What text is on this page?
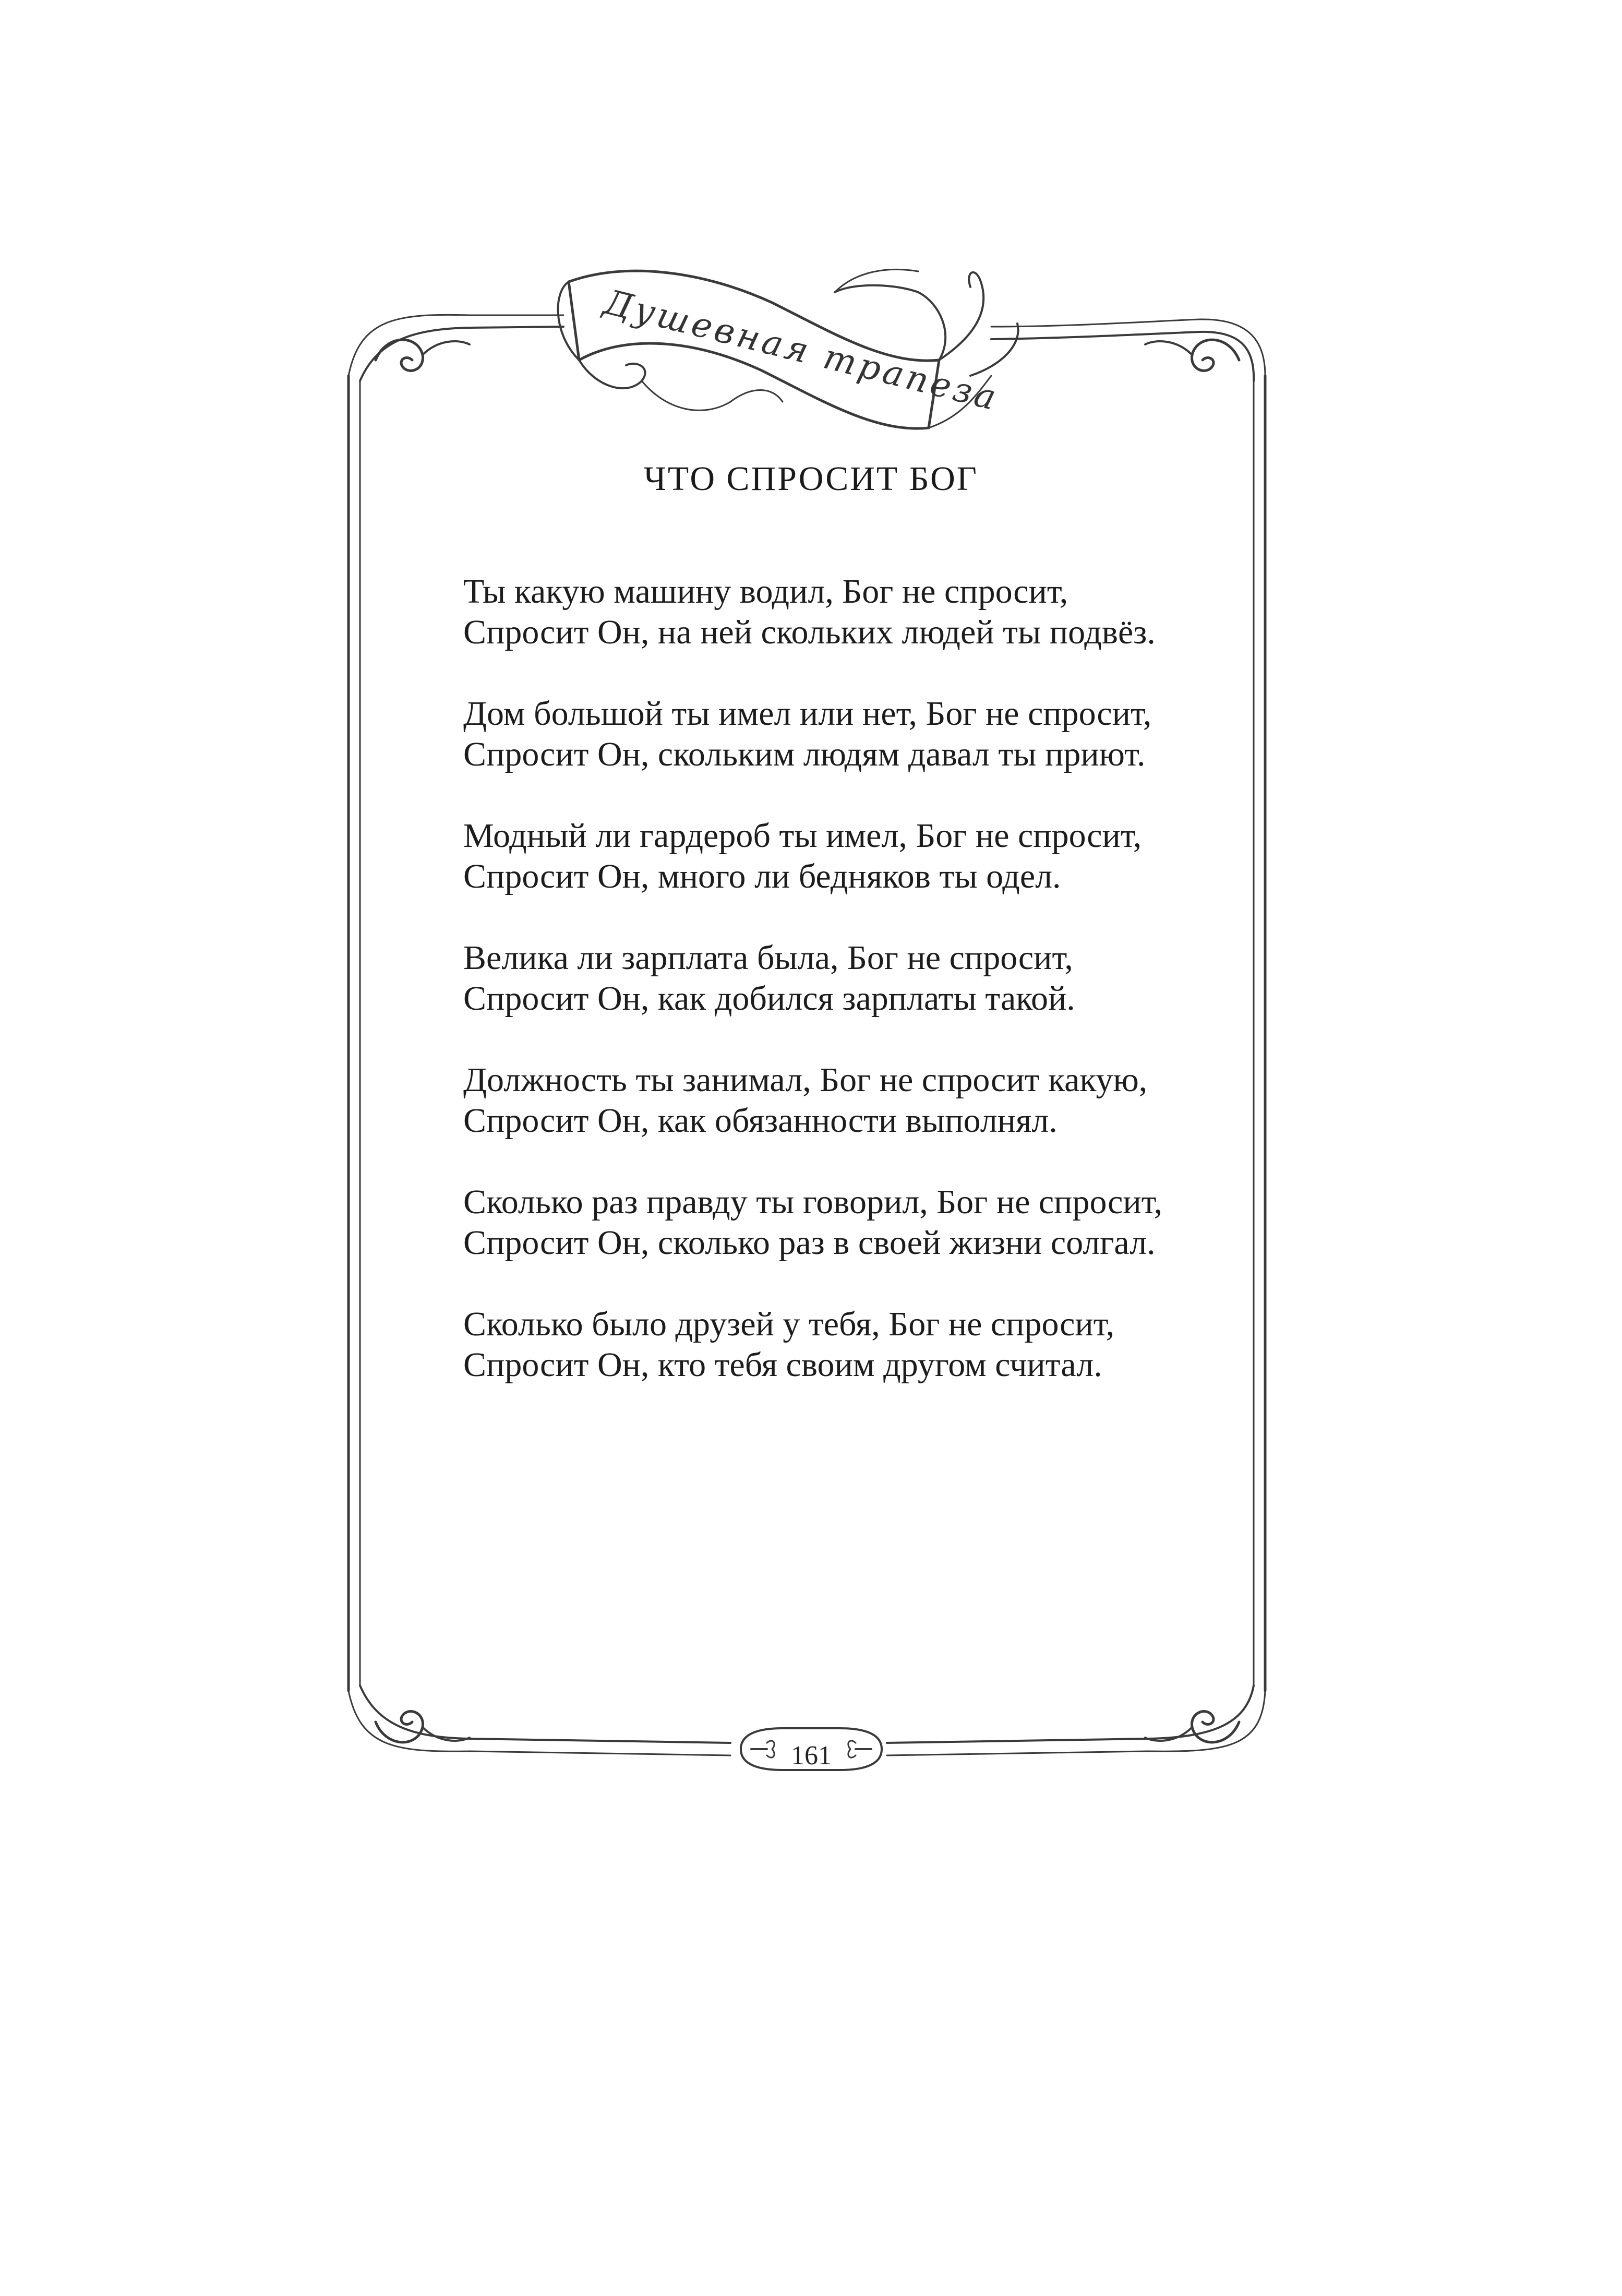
Душевная трапеза
ЧТО СПРОСИТ БОГ
Ты какую машину водил, Бог не спросит,
Спросит Он, на ней скольких людей ты подвёз.
Дом большой ты имел или нет, Бог не спросит,
Спросит Он, скольким людям давал ты приют.
Модный ли гардероб ты имел, Бог не спросит,
Спросит Он, много ли бедняков ты одел.
Велика ли зарплата была, Бог не спросит,
Спросит Он, как добился зарплаты такой.
Должность ты занимал, Бог не спросит какую,
Спросит Он, как обязанности выполнял.
Сколько раз правду ты говорил, Бог не спросит,
Спросит Он, сколько раз в своей жизни солгал.
Сколько было друзей у тебя, Бог не спросит,
Спросит Он, кто тебя своим другом считал.
161
